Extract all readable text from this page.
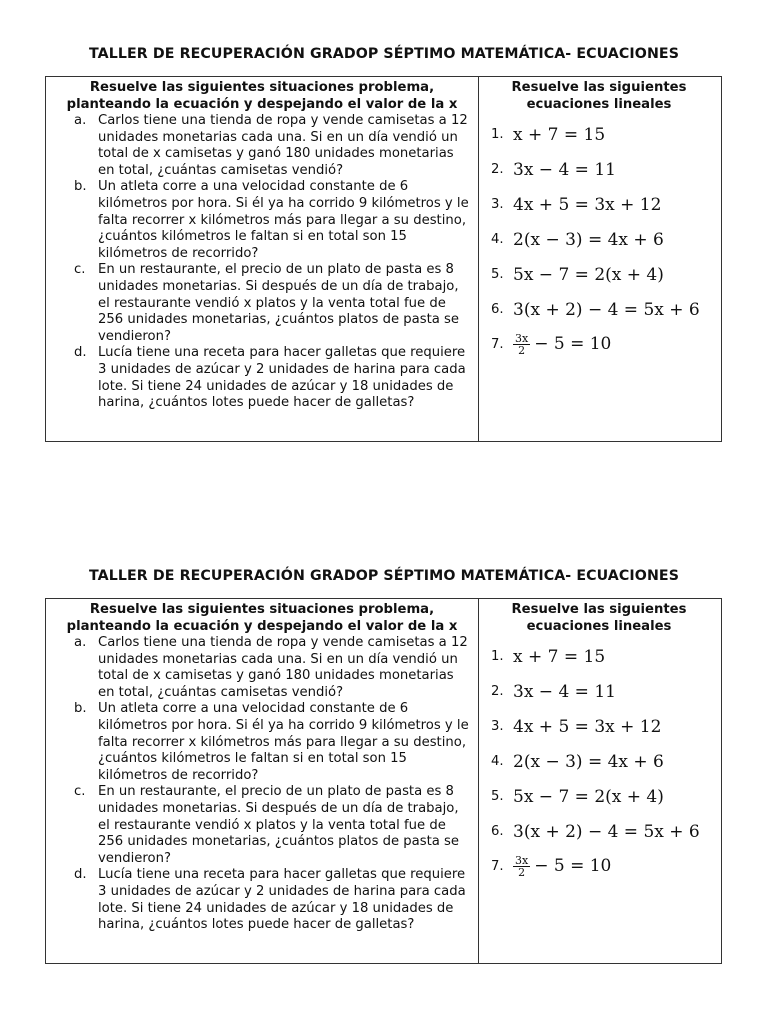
TALLER DE RECUPERACIÓN GRADOP SÉPTIMO MATEMÁTICA- ECUACIONES
Resuelve las siguientes situaciones problema, planteando la ecuación y despejando el valor de la x
a. Carlos tiene una tienda de ropa y vende camisetas a 12 unidades monetarias cada una. Si en un día vendió un total de x camisetas y ganó 180 unidades monetarias en total, ¿cuántas camisetas vendió?
b. Un atleta corre a una velocidad constante de 6 kilómetros por hora. Si él ya ha corrido 9 kilómetros y le falta recorrer x kilómetros más para llegar a su destino, ¿cuántos kilómetros le faltan si en total son 15 kilómetros de recorrido?
c. En un restaurante, el precio de un plato de pasta es 8 unidades monetarias. Si después de un día de trabajo, el restaurante vendió x platos y la venta total fue de 256 unidades monetarias, ¿cuántos platos de pasta se vendieron?
d. Lucía tiene una receta para hacer galletas que requiere 3 unidades de azúcar y 2 unidades de harina para cada lote. Si tiene 24 unidades de azúcar y 18 unidades de harina, ¿cuántos lotes puede hacer de galletas?
Resuelve las siguientes ecuaciones lineales
1. x + 7 = 15
2. 3x − 4 = 11
3. 4x + 5 = 3x + 12
4. 2(x − 3) = 4x + 6
5. 5x − 7 = 2(x + 4)
6. 3(x + 2) − 4 = 5x + 6
7. $\frac{3x}{2} - 5 = 10$
TALLER DE RECUPERACIÓN GRADOP SÉPTIMO MATEMÁTICA- ECUACIONES
Resuelve las siguientes situaciones problema, planteando la ecuación y despejando el valor de la x
a. Carlos tiene una tienda de ropa y vende camisetas a 12 unidades monetarias cada una. Si en un día vendió un total de x camisetas y ganó 180 unidades monetarias en total, ¿cuántas camisetas vendió?
b. Un atleta corre a una velocidad constante de 6 kilómetros por hora. Si él ya ha corrido 9 kilómetros y le falta recorrer x kilómetros más para llegar a su destino, ¿cuántos kilómetros le faltan si en total son 15 kilómetros de recorrido?
c. En un restaurante, el precio de un plato de pasta es 8 unidades monetarias. Si después de un día de trabajo, el restaurante vendió x platos y la venta total fue de 256 unidades monetarias, ¿cuántos platos de pasta se vendieron?
d. Lucía tiene una receta para hacer galletas que requiere 3 unidades de azúcar y 2 unidades de harina para cada lote. Si tiene 24 unidades de azúcar y 18 unidades de harina, ¿cuántos lotes puede hacer de galletas?
Resuelve las siguientes ecuaciones lineales
1. x + 7 = 15
2. 3x − 4 = 11
3. 4x + 5 = 3x + 12
4. 2(x − 3) = 4x + 6
5. 5x − 7 = 2(x + 4)
6. 3(x + 2) − 4 = 5x + 6
7. $\frac{3x}{2} - 5 = 10$
